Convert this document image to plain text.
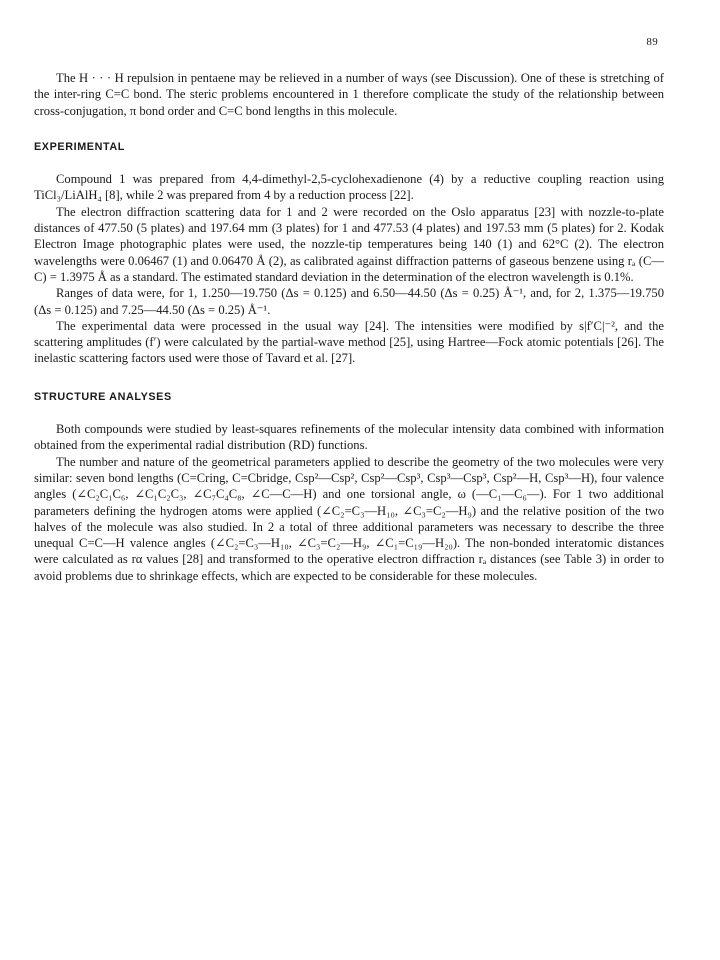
89

The H · · · H repulsion in pentaene may be relieved in a number of ways (see Discussion). One of these is stretching of the inter-ring C=C bond. The steric problems encountered in 1 therefore complicate the study of the relationship between cross-conjugation, π bond order and C=C bond lengths in this molecule.

EXPERIMENTAL

Compound 1 was prepared from 4,4-dimethyl-2,5-cyclohexadienone (4) by a reductive coupling reaction using TiCl₃/LiAlH₄ [8], while 2 was prepared from 4 by a reduction process [22].

The electron diffraction scattering data for 1 and 2 were recorded on the Oslo apparatus [23] with nozzle-to-plate distances of 477.50 (5 plates) and 197.64 mm (3 plates) for 1 and 477.53 (4 plates) and 197.53 mm (5 plates) for 2. Kodak Electron Image photographic plates were used, the nozzle-tip temperatures being 140 (1) and 62°C (2). The electron wavelengths were 0.06467 (1) and 0.06470 Å (2), as calibrated against diffraction patterns of gaseous benzene using rₐ (C—C) = 1.3975 Å as a standard. The estimated standard deviation in the determination of the electron wavelength is 0.1%.

Ranges of data were, for 1, 1.250—19.750 (Δs = 0.125) and 6.50—44.50 (Δs = 0.25) Å⁻¹, and, for 2, 1.375—19.750 (Δs = 0.125) and 7.25—44.50 (Δs = 0.25) Å⁻¹.

The experimental data were processed in the usual way [24]. The intensities were modified by s|f′C|⁻², and the scattering amplitudes (f′) were calculated by the partial-wave method [25], using Hartree—Fock atomic potentials [26]. The inelastic scattering factors used were those of Tavard et al. [27].

STRUCTURE ANALYSES

Both compounds were studied by least-squares refinements of the molecular intensity data combined with information obtained from the experimental radial distribution (RD) functions.

The number and nature of the geometrical parameters applied to describe the geometry of the two molecules were very similar: seven bond lengths (C=Cring, C=Cbridge, Csp²—Csp², Csp²—Csp³, Csp³—Csp³, Csp²—H, Csp³—H), four valence angles (∠C₂C₁C₆, ∠C₁C₂C₃, ∠C₇C₄C₈, ∠C—C—H) and one torsional angle, ω (—C₁—C₆—). For 1 two additional parameters defining the hydrogen atoms were applied (∠C₂=C₃—H₁₀, ∠C₃=C₂—H₉) and the relative position of the two halves of the molecule was also studied. In 2 a total of three additional parameters was necessary to describe the three unequal C=C—H valence angles (∠C₂=C₃—H₁₀, ∠C₃=C₂—H₉, ∠C₁=C₁₉—H₂₀). The non-bonded interatomic distances were calculated as rα values [28] and transformed to the operative electron diffraction rₐ distances (see Table 3) in order to avoid problems due to shrinkage effects, which are expected to be considerable for these molecules.
